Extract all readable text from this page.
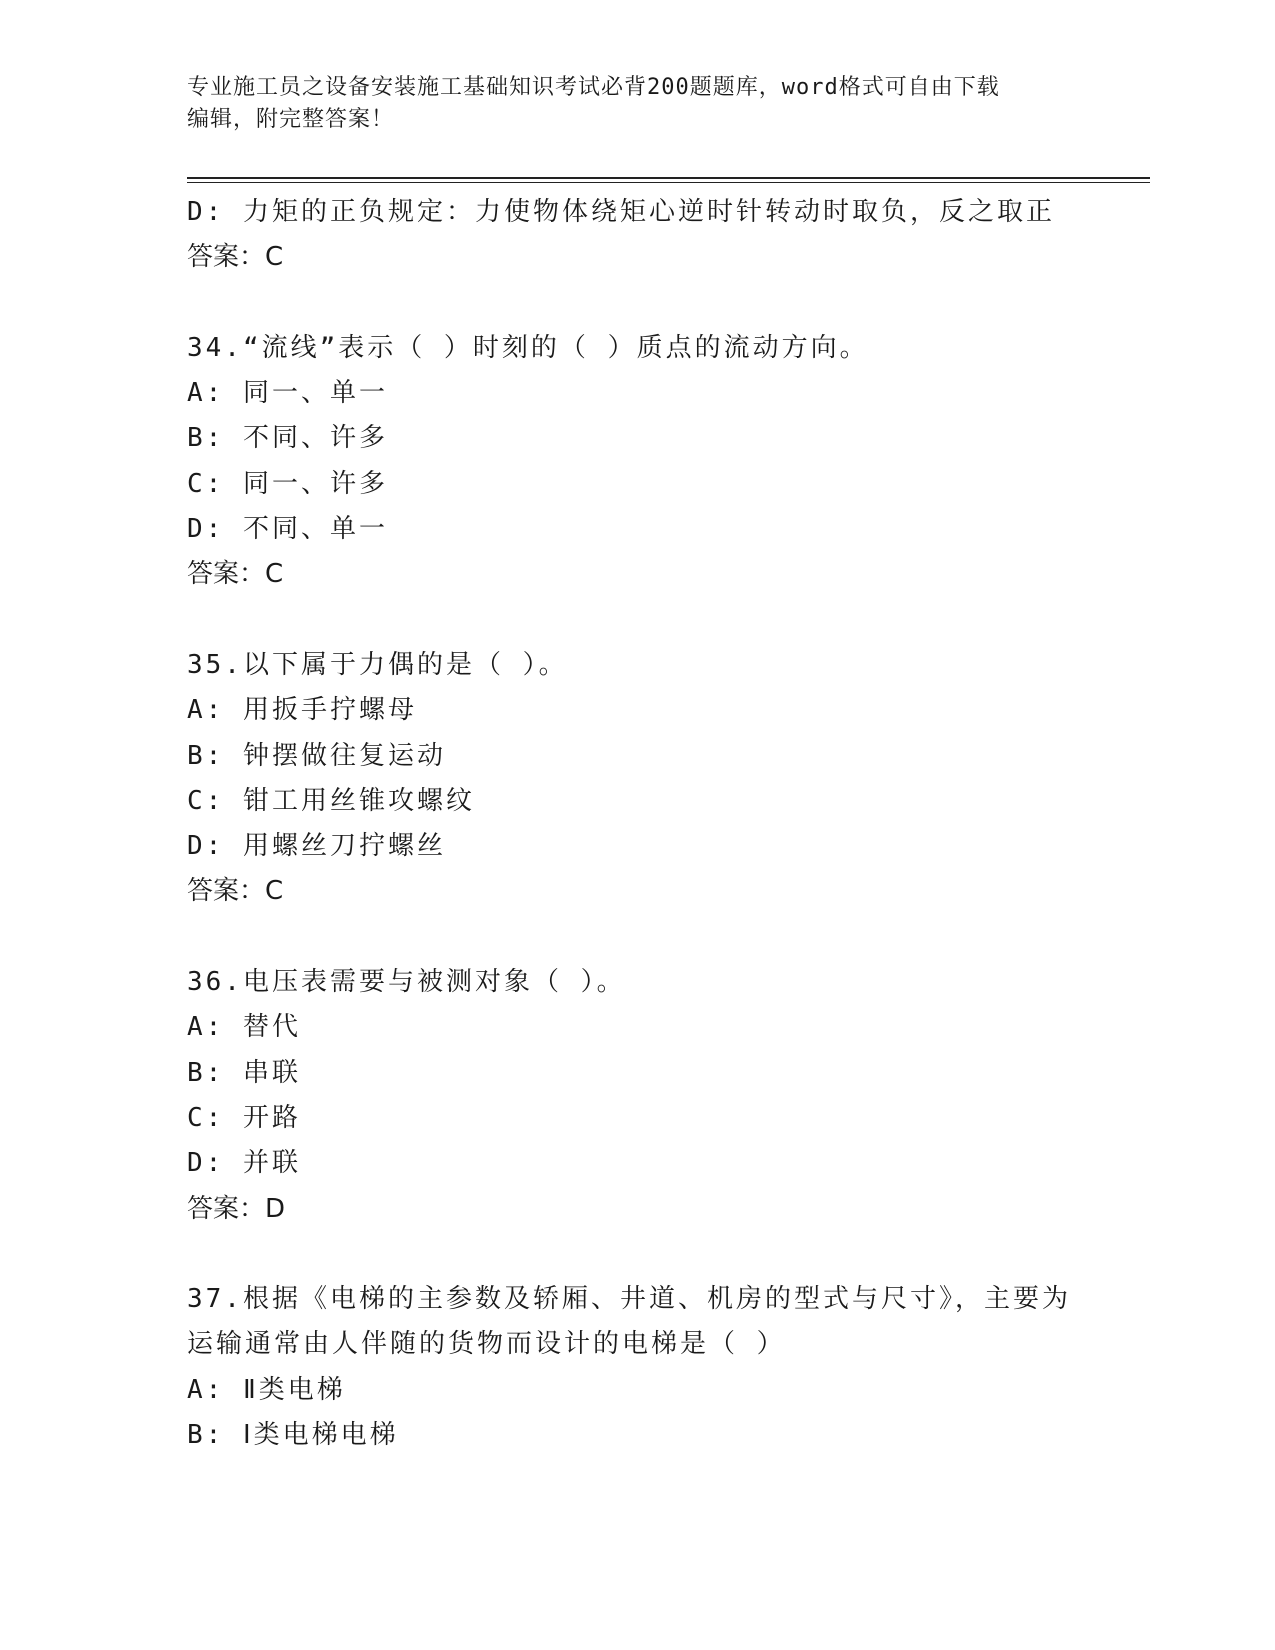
专业施工员之设备安装施工基础知识考试必背200题题库，word格式可自由下载
编辑，附完整答案！
D: 力矩的正负规定：力使物体绕矩心逆时针转动时取负，反之取正
答案：C
34.“流线”表示（ ）时刻的（ ）质点的流动方向。
A: 同一、单一
B: 不同、许多
C: 同一、许多
D: 不同、单一
答案：C
35.以下属于力偶的是（ ）。
A: 用扳手拧螺母
B: 钟摆做往复运动
C: 钳工用丝锥攻螺纹
D: 用螺丝刀拧螺丝
答案：C
36.电压表需要与被测对象（ ）。
A: 替代
B: 串联
C: 开路
D: 并联
答案：D
37.根据《电梯的主参数及轿厢、井道、机房的型式与尺寸》，主要为
运输通常由人伴随的货物而设计的电梯是（ ）
A: Ⅱ类电梯
B: Ⅰ类电梯电梯
